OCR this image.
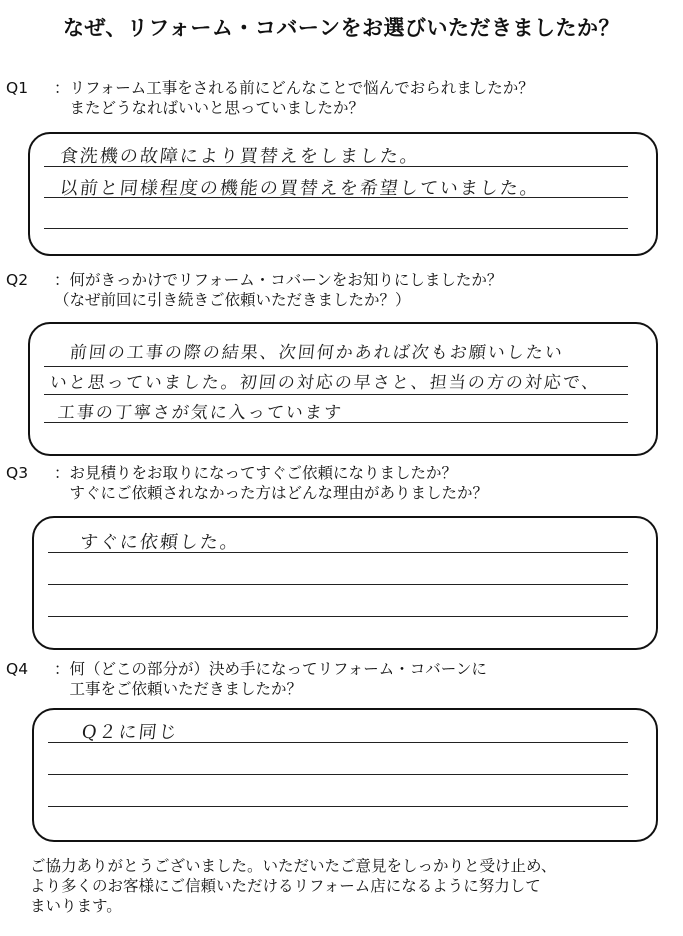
なぜ、リフォーム・コバーンをお選びいただきましたか？
Q1 ：リフォーム工事をされる前にどんなことで悩んでおられましたか？
　またどうなればいいと思っていましたか？
食洗機の故障により買替えをしました。
以前と同様程度の機能の買替えを希望していました。
Q2 ：何がきっかけでリフォーム・コバーンをお知りにしましたか？
（なぜ前回に引き続きご依頼いただきましたか？）
前回の工事の際の結果、次回何かあれば次もお願いしたい
いと思っていました。初回の対応の早さと、担当の方の対応で、
工事の丁寧さが気に入っています
Q3 ：お見積りをお取りになってすぐご依頼になりましたか？
　すぐにご依頼されなかった方はどんな理由がありましたか？
すぐに依頼した。
Q4 ：何（どこの部分が）決め手になってリフォーム・コバーンに
　工事をご依頼いただきましたか？
Q２に同じ
ご協力ありがとうございました。いただいたご意見をしっかりと受け止め、
より多くのお客様にご信頼いただけるリフォーム店になるように努力して
まいります。
